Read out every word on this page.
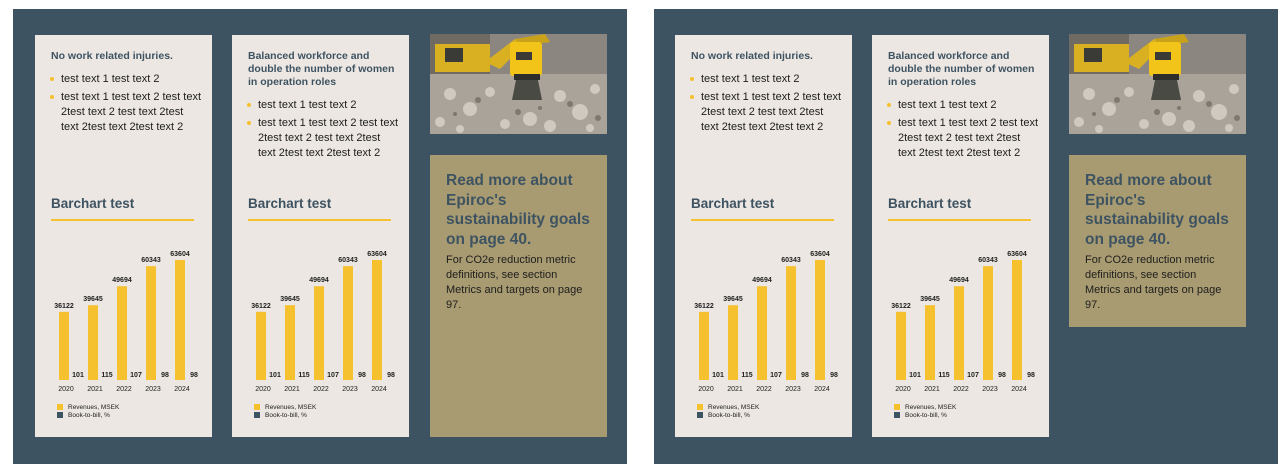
No work related injuries.
test text 1 test text 2
test text 1 test text 2 test text 2test text 2 test text 2test text 2test text 2test text 2
Barchart test
36122
101
2020
39645
115
2021
49694
107
2022
60343
98
2023
63604
98
2024
Revenues, MSEK
Book-to-bill, %
Balanced workforce and double the number of women in operation roles
test text 1 test text 2
test text 1 test text 2 test text 2test text 2 test text 2test text 2test text 2test text 2
Barchart test
36122
101
2020
39645
115
2021
49694
107
2022
60343
98
2023
63604
98
2024
Revenues, MSEK
Book-to-bill, %
Read more about Epiroc's sustainability goals on page 40.
For CO2e reduction metric definitions, see section Metrics and targets on page 97.
No work related injuries.
test text 1 test text 2
test text 1 test text 2 test text 2test text 2 test text 2test text 2test text 2test text 2
Barchart test
36122
101
2020
39645
115
2021
49694
107
2022
60343
98
2023
63604
98
2024
Revenues, MSEK
Book-to-bill, %
Balanced workforce and double the number of women in operation roles
test text 1 test text 2
test text 1 test text 2 test text 2test text 2 test text 2test text 2test text 2test text 2
Barchart test
36122
101
2020
39645
115
2021
49694
107
2022
60343
98
2023
63604
98
2024
Revenues, MSEK
Book-to-bill, %
Read more about Epiroc's sustainability goals on page 40.
For CO2e reduction metric definitions, see section Metrics and targets on page 97.
